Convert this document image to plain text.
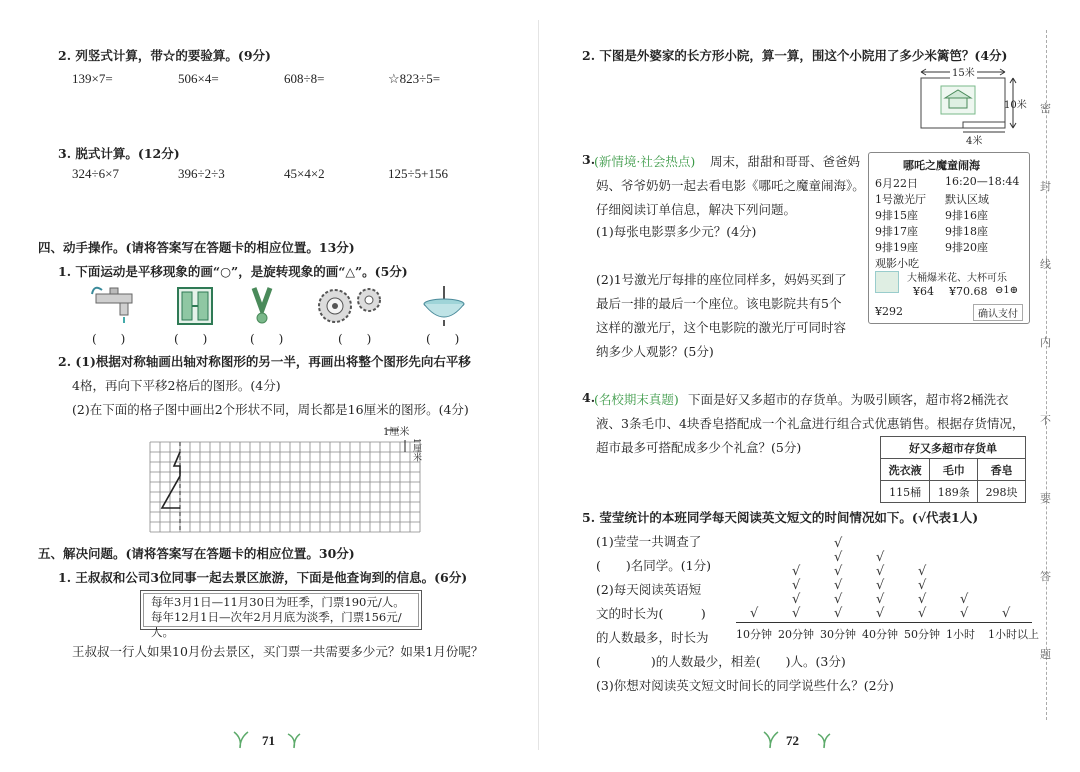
2. 列竖式计算，带☆的要验算。(9分)
139×7=	506×4=	608÷8=	☆823÷5=
3. 脱式计算。(12分)
324÷6×7	396÷2÷3	45×4×2	125÷5+156
四、动手操作。(请将答案写在答题卡的相应位置。13分)
1. 下面运动是平移现象的画“○”，是旋转现象的画“△”。(5分)
(　　)	(　　)	(　　)	(　　)	(　　)
2. (1)根据对称轴画出轴对称图形的另一半，再画出将整个图形先向右平移
4格，再向下平移2格后的图形。(4分)
(2)在下面的格子图中画出2个形状不同，周长都是16厘米的图形。(4分)
1厘米
1厘米
五、解决问题。(请将答案写在答题卡的相应位置。30分)
1. 王叔叔和公司3位同事一起去景区旅游，下面是他查询到的信息。(6分)
每年3月1日—11月30日为旺季，门票190元/人。
每年12月1日—次年2月月底为淡季，门票156元/人。
王叔叔一行人如果10月份去景区，买门票一共需要多少元？如果1月份呢？
71
2. 下图是外婆家的长方形小院，算一算，围这个小院用了多少米篱笆？(4分)
15米
10米
4米
3.
(新情境·社会热点) 周末，甜甜和哥哥、爸爸妈
妈、爷爷奶奶一起去看电影《哪吒之魔童闹海》。
仔细阅读订单信息，解决下列问题。
(1)每张电影票多少元？(4分)
(2)1号激光厅每排的座位同样多，妈妈买到了
最后一排的最后一个座位。该电影院共有5个
这样的激光厅，这个电影院的激光厅可同时容
纳多少人观影？(5分)
哪吒之魔童闹海
6月22日 16:20—18:44
1号激光厅 默认区域
9排15座 9排16座
9排17座 9排18座
9排19座 9排20座
观影小吃
大桶爆米花、大杯可乐
¥64 ¥70.68 ⊖1⊕
¥292	确认支付
4.
(名校期末真题) 下面是好又多超市的存货单。为吸引顾客，超市将2桶洗衣
液、3条毛巾、4块香皂搭配成一个礼盒进行组合式优惠销售。根据存货情况，
超市最多可搭配成多少个礼盒？(5分)	好又多超市存货单		
洗衣液	毛巾	香皂
115桶	189条	298块
5. 莹莹统计的本班同学每天阅读英文短文的时间情况如下。(√代表1人)
(1)莹莹一共调查了
(　　)名同学。(1分)
(2)每天阅读英语短
文的时长为(　　　)
的人数最多，时长为
(　　　　)的人数最少，相差(　　)人。(3分)
(3)你想对阅读英文短文时间长的同学说些什么？(2分)
√
10分钟
√
√
√
√
20分钟
√
√
√
√
√
√
30分钟
√
√
√
√
√
40分钟
√
√
√
√
50分钟
√
√
1小时
√
1小时以上
密
封
线
内
不
要
答
题
72
